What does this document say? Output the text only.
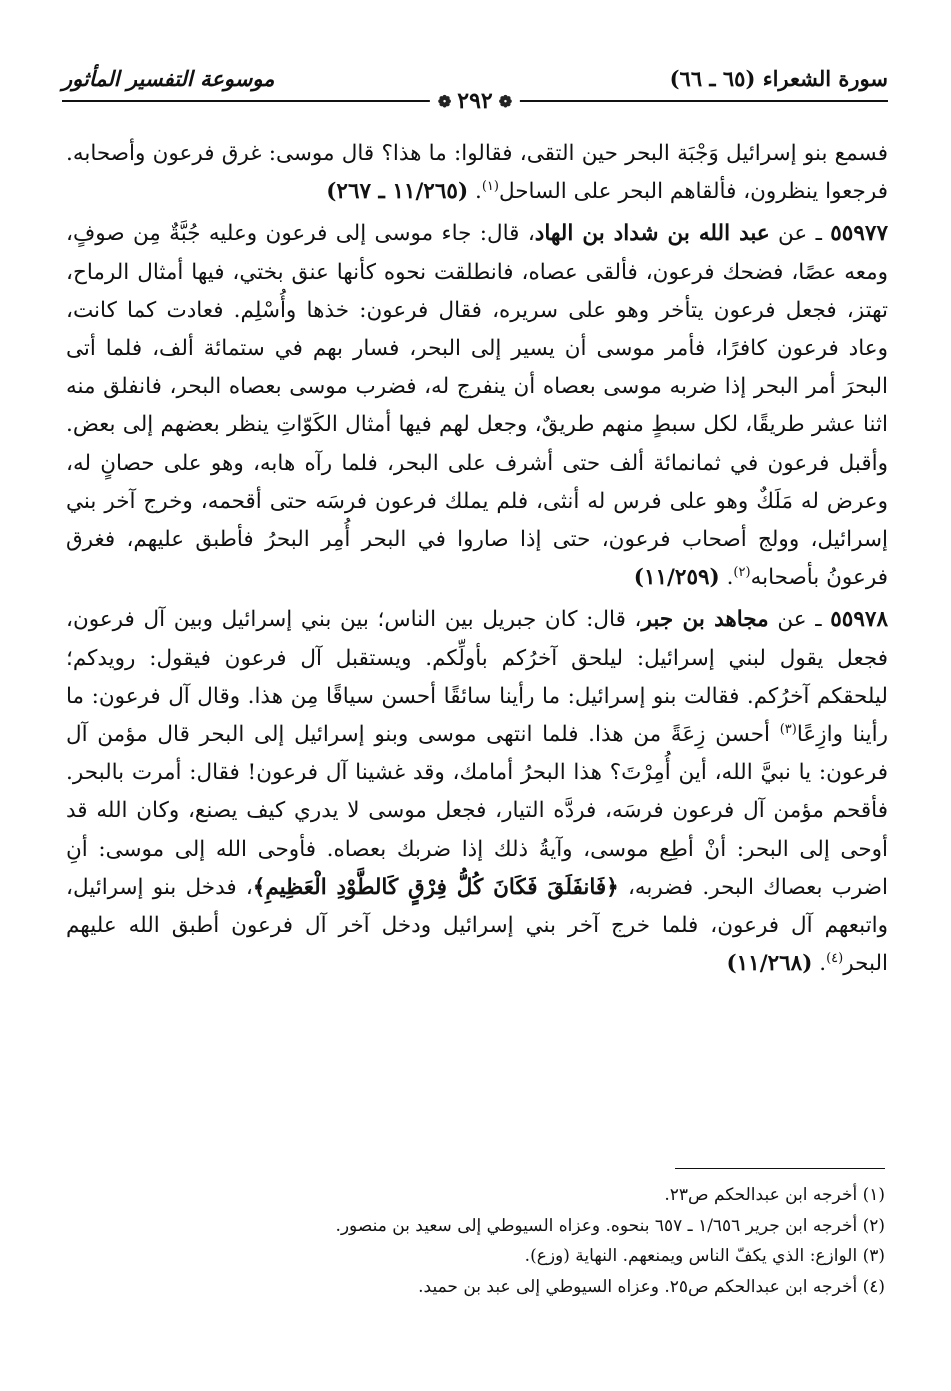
سورة الشعراء (٦٥ ـ ٦٦)
موسوعة التفسير المأثور
❁
٢٩٢
❁

فسمع بنو إسرائيل وَجْبَة البحر حين التقى، فقالوا: ما هذا؟ قال موسى: غرق فرعون وأصحابه. فرجعوا ينظرون، فألقاهم البحر على الساحل$^{(١)}$. (١١/٢٦٥ ـ ٢٦٧)

٥٥٩٧٧ ـ عن عبد الله بن شداد بن الهاد، قال: جاء موسى إلى فرعون وعليه جُبَّةٌ مِن صوفٍ، ومعه عصًا، فضحك فرعون، فألقى عصاه، فانطلقت نحوه كأنها عنق بختي، فيها أمثال الرماح، تهتز، فجعل فرعون يتأخر وهو على سريره، فقال فرعون: خذها وأُسْلِم. فعادت كما كانت، وعاد فرعون كافرًا، فأمر موسى أن يسير إلى البحر، فسار بهم في ستمائة ألف، فلما أتى البحرَ أمر البحر إذا ضربه موسى بعصاه أن ينفرج له، فضرب موسى بعصاه البحر، فانفلق منه اثنا عشر طريقًا، لكل سبطٍ منهم طريقٌ، وجعل لهم فيها أمثال الكَوّاتِ ينظر بعضهم إلى بعض. وأقبل فرعون في ثمانمائة ألف حتى أشرف على البحر، فلما رآه هابه، وهو على حصانٍ له، وعرض له مَلَكٌ وهو على فرس له أنثى، فلم يملك فرعون فرسَه حتى أقحمه، وخرج آخر بني إسرائيل، وولج أصحاب فرعون، حتى إذا صاروا في البحر أُمِر البحرُ فأطبق عليهم، فغرق فرعونُ بأصحابه$^{(٢)}$. (١١/٢٥٩)

٥٥٩٧٨ ـ عن مجاهد بن جبر، قال: كان جبريل بين الناس؛ بين بني إسرائيل وبين آل فرعون، فجعل يقول لبني إسرائيل: ليلحق آخرُكم بأولِّكم. ويستقبل آل فرعون فيقول: رويدكم؛ ليلحقكم آخرُكم. فقالت بنو إسرائيل: ما رأينا سائقًا أحسن سياقًا مِن هذا. وقال آل فرعون: ما رأينا وازِعًا$^{(٣)}$ أحسن زِعَةً من هذا. فلما انتهى موسى وبنو إسرائيل إلى البحر قال مؤمن آل فرعون: يا نبيَّ الله، أين أُمِرْتَ؟ هذا البحرُ أمامك، وقد غشينا آل فرعون! فقال: أمرت بالبحر. فأقحم مؤمن آل فرعون فرسَه، فردَّه التيار، فجعل موسى لا يدري كيف يصنع، وكان الله قد أوحى إلى البحر: أنْ أطِع موسى، وآيةُ ذلك إذا ضربك بعصاه. فأوحى الله إلى موسى: أنِ اضرب بعصاك البحر. فضربه، ﴿فَانفَلَقَ فَكَانَ كُلُّ فِرْقٍ كَالطَّوْدِ الْعَظِيمِ﴾، فدخل بنو إسرائيل، واتبعهم آل فرعون، فلما خرج آخر بني إسرائيل ودخل آخر آل فرعون أطبق الله عليهم البحر$^{(٤)}$. (١١/٢٦٨)

(١) أخرجه ابن عبدالحكم ص٢٣.

(٢) أخرجه ابن جرير ١/٦٥٦ ـ ٦٥٧ بنحوه. وعزاه السيوطي إلى سعيد بن منصور.

(٣) الوازع: الذي يكفّ الناس ويمنعهم. النهاية (وزع).

(٤) أخرجه ابن عبدالحكم ص٢٥. وعزاه السيوطي إلى عبد بن حميد.
